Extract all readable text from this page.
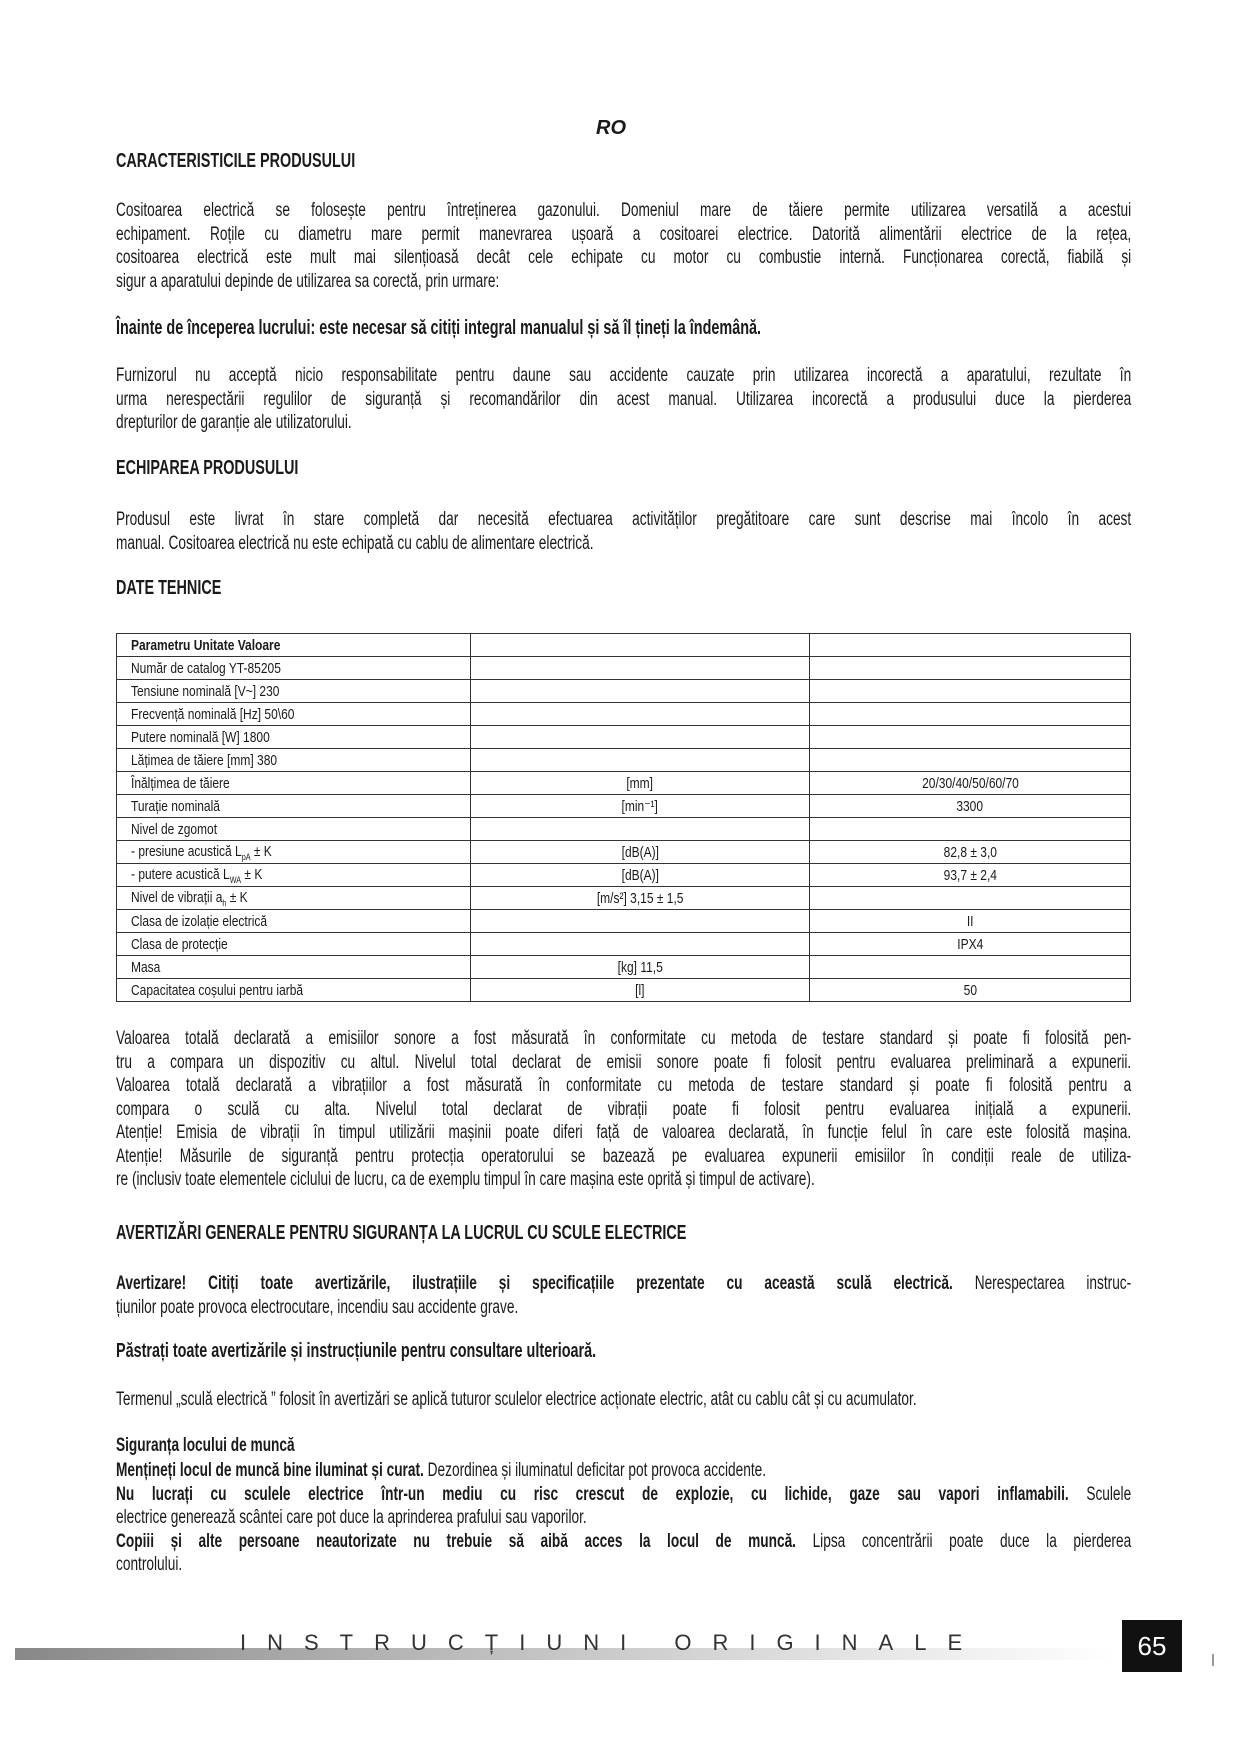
RO
CARACTERISTICILE PRODUSULUI
Cositoarea electrică se folosește pentru întreținerea gazonului. Domeniul mare de tăiere permite utilizarea versatilă a acestui
echipament. Roțile cu diametru mare permit manevrarea ușoară a cositoarei electrice. Datorită alimentării electrice de la rețea,
cositoarea electrică este mult mai silențioasă decât cele echipate cu motor cu combustie internă. Funcționarea corectă, fiabilă și
sigur a aparatului depinde de utilizarea sa corectă, prin urmare:
Înainte de începerea lucrului: este necesar să citiți integral manualul și să îl țineți la îndemână.
Furnizorul nu acceptă nicio responsabilitate pentru daune sau accidente cauzate prin utilizarea incorectă a aparatului, rezultate în
urma nerespectării regulilor de siguranță și recomandărilor din acest manual. Utilizarea incorectă a produsului duce la pierderea
drepturilor de garanție ale utilizatorului.
ECHIPAREA PRODUSULUI
Produsul este livrat în stare completă dar necesită efectuarea activităților pregătitoare care sunt descrise mai încolo în acest
manual. Cositoarea electrică nu este echipată cu cablu de alimentare electrică.
DATE TEHNICE
Parametru Unitate Valoare		
Număr de catalog YT-85205		
Tensiune nominală [V~] 230		
Frecvență nominală [Hz] 50\60		
Putere nominală [W] 1800		
Lățimea de tăiere [mm] 380		
Înălțimea de tăiere	[mm]	20/30/40/50/60/70
Turație nominală	[min⁻¹]	3300
Nivel de zgomot		
- presiune acustică $L_{pA} \pm K$	[dB(A)]	82,8 ± 3,0
- putere acustică $L_{WA} \pm K$	[dB(A)]	93,7 ± 2,4
Nivel de vibrații $a_h \pm K$	[m/s²] 3,15 ± 1,5	
Clasa de izolație electrică		II
Clasa de protecție		IPX4
Masa	[kg] 11,5	
Capacitatea coșului pentru iarbă	[l]	50
Valoarea totală declarată a emisiilor sonore a fost măsurată în conformitate cu metoda de testare standard și poate fi folosită pen-
tru a compara un dispozitiv cu altul. Nivelul total declarat de emisii sonore poate fi folosit pentru evaluarea preliminară a expunerii.
Valoarea totală declarată a vibrațiilor a fost măsurată în conformitate cu metoda de testare standard și poate fi folosită pentru a
compara o sculă cu alta. Nivelul total declarat de vibrații poate fi folosit pentru evaluarea inițială a expunerii.
Atenție! Emisia de vibrații în timpul utilizării mașinii poate diferi față de valoarea declarată, în funcție felul în care este folosită mașina.
Atenție! Măsurile de siguranță pentru protecția operatorului se bazează pe evaluarea expunerii emisiilor în condiții reale de utiliza-
re (inclusiv toate elementele ciclului de lucru, ca de exemplu timpul în care mașina este oprită și timpul de activare).
AVERTIZĂRI GENERALE PENTRU SIGURANȚA LA LUCRUL CU SCULE ELECTRICE
Avertizare! Citiți toate avertizările, ilustrațiile și specificațiile prezentate cu această sculă electrică. Nerespectarea instruc-
țiunilor poate provoca electrocutare, incendiu sau accidente grave.
Păstrați toate avertizările și instrucțiunile pentru consultare ulterioară.
Termenul „sculă electrică ” folosit în avertizări se aplică tuturor sculelor electrice acționate electric, atât cu cablu cât și cu acumulator.
Siguranța locului de muncă
Mențineți locul de muncă bine iluminat și curat. Dezordinea și iluminatul deficitar pot provoca accidente.
Nu lucrați cu sculele electrice într-un mediu cu risc crescut de explozie, cu lichide, gaze sau vapori inflamabili. Sculele
electrice generează scântei care pot duce la aprinderea prafului sau vaporilor.
Copiii și alte persoane neautorizate nu trebuie să aibă acces la locul de muncă. Lipsa concentrării poate duce la pierderea
controlului.
INSTRUCȚIUNI ORIGINALE	65
